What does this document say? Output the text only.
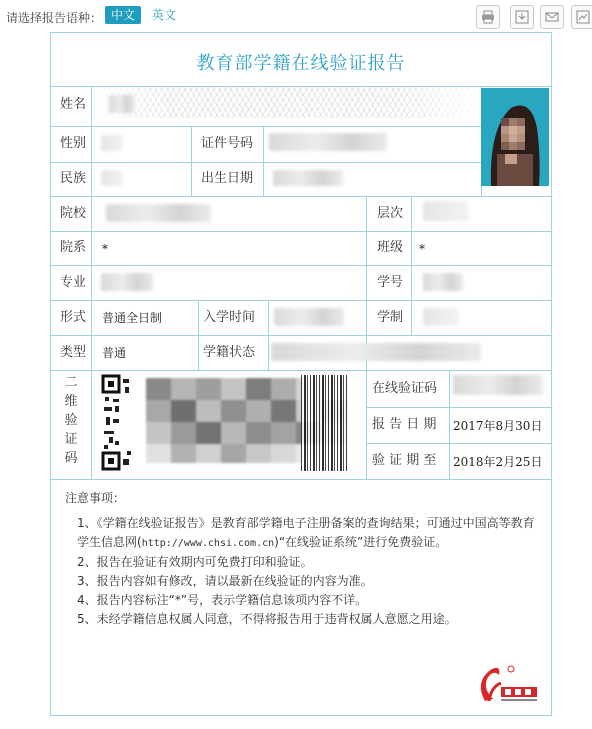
请选择报告语种： 中文	英文
教育部学籍在线验证报告
姓名
性别	证件号码
民族	出生日期
院校	层次
院系 *	班级 *
专业	学号
形式 普通全日制	入学时间	学制
类型 普通	学籍状态
二
维
验
证
码
在线验证码
报 告 日 期 2017年8月30日
验 证 期 至 2018年2月25日
注意事项：
1、《学籍在线验证报告》是教育部学籍电子注册备案的查询结果；可通过中国高等教育学生信息网(http://www.chsi.com.cn)“在线验证系统”进行免费验证。
2、报告在验证有效期内可免费打印和验证。
3、报告内容如有修改，请以最新在线验证的内容为准。
4、报告内容标注“*”号，表示学籍信息该项内容不详。
5、未经学籍信息权属人同意，不得将报告用于违背权属人意愿之用途。
